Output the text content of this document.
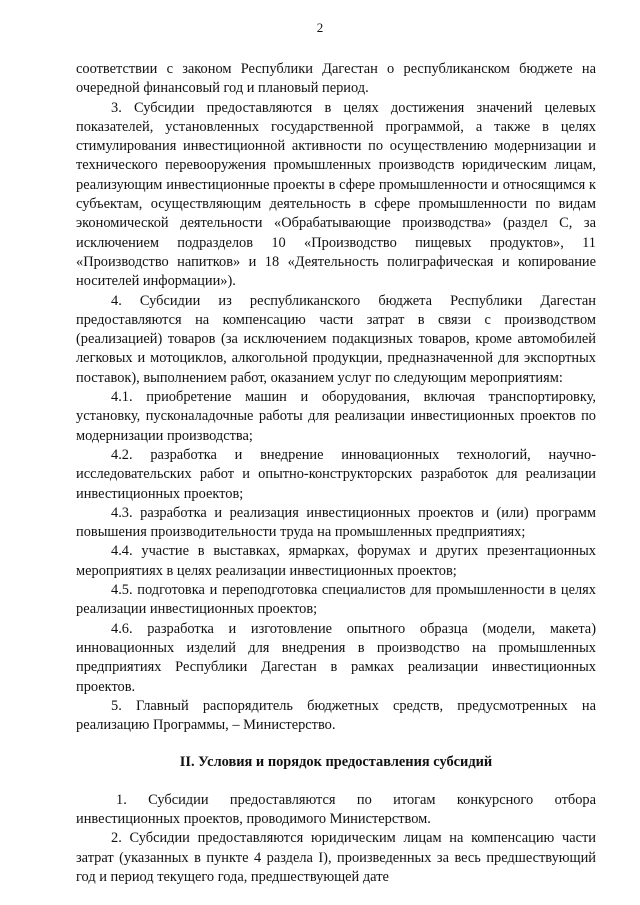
2

соответствии с законом Республики Дагестан о республиканском бюджете на очередной финансовый год и плановый период.

3. Субсидии предоставляются в целях достижения значений целевых показателей, установленных государственной программой, а также в целях стимулирования инвестиционной активности по осуществлению модернизации и технического перевооружения промышленных производств юридическим лицам, реализующим инвестиционные проекты в сфере промышленности и относящимся к субъектам, осуществляющим деятельность в сфере промышленности по видам экономической деятельности «Обрабатывающие производства» (раздел С, за исключением подразделов 10 «Производство пищевых продуктов», 11 «Производство напитков» и 18 «Деятельность полиграфическая и копирование носителей информации»).

4. Субсидии из республиканского бюджета Республики Дагестан предоставляются на компенсацию части затрат в связи с производством (реализацией) товаров (за исключением подакцизных товаров, кроме автомобилей легковых и мотоциклов, алкогольной продукции, предназначенной для экспортных поставок), выполнением работ, оказанием услуг по следующим мероприятиям:

4.1. приобретение машин и оборудования, включая транспортировку, установку, пусконаладочные работы для реализации инвестиционных проектов по модернизации производства;

4.2. разработка и внедрение инновационных технологий, научно-исследовательских работ и опытно-конструкторских разработок для реализации инвестиционных проектов;

4.3. разработка и реализация инвестиционных проектов и (или) программ повышения производительности труда на промышленных предприятиях;

4.4. участие в выставках, ярмарках, форумах и других презентационных мероприятиях в целях реализации инвестиционных проектов;

4.5. подготовка и переподготовка специалистов для промышленности в целях реализации инвестиционных проектов;

4.6. разработка и изготовление опытного образца (модели, макета) инновационных изделий для внедрения в производство на промышленных предприятиях Республики Дагестан в рамках реализации инвестиционных проектов.

5. Главный распорядитель бюджетных средств, предусмотренных на реализацию Программы, – Министерство.

II. Условия и порядок предоставления субсидий

1. Субсидии предоставляются по итогам конкурсного отбора инвестиционных проектов, проводимого Министерством.

2. Субсидии предоставляются юридическим лицам на компенсацию части затрат (указанных в пункте 4 раздела I), произведенных за весь предшествующий год и период текущего года, предшествующей дате
